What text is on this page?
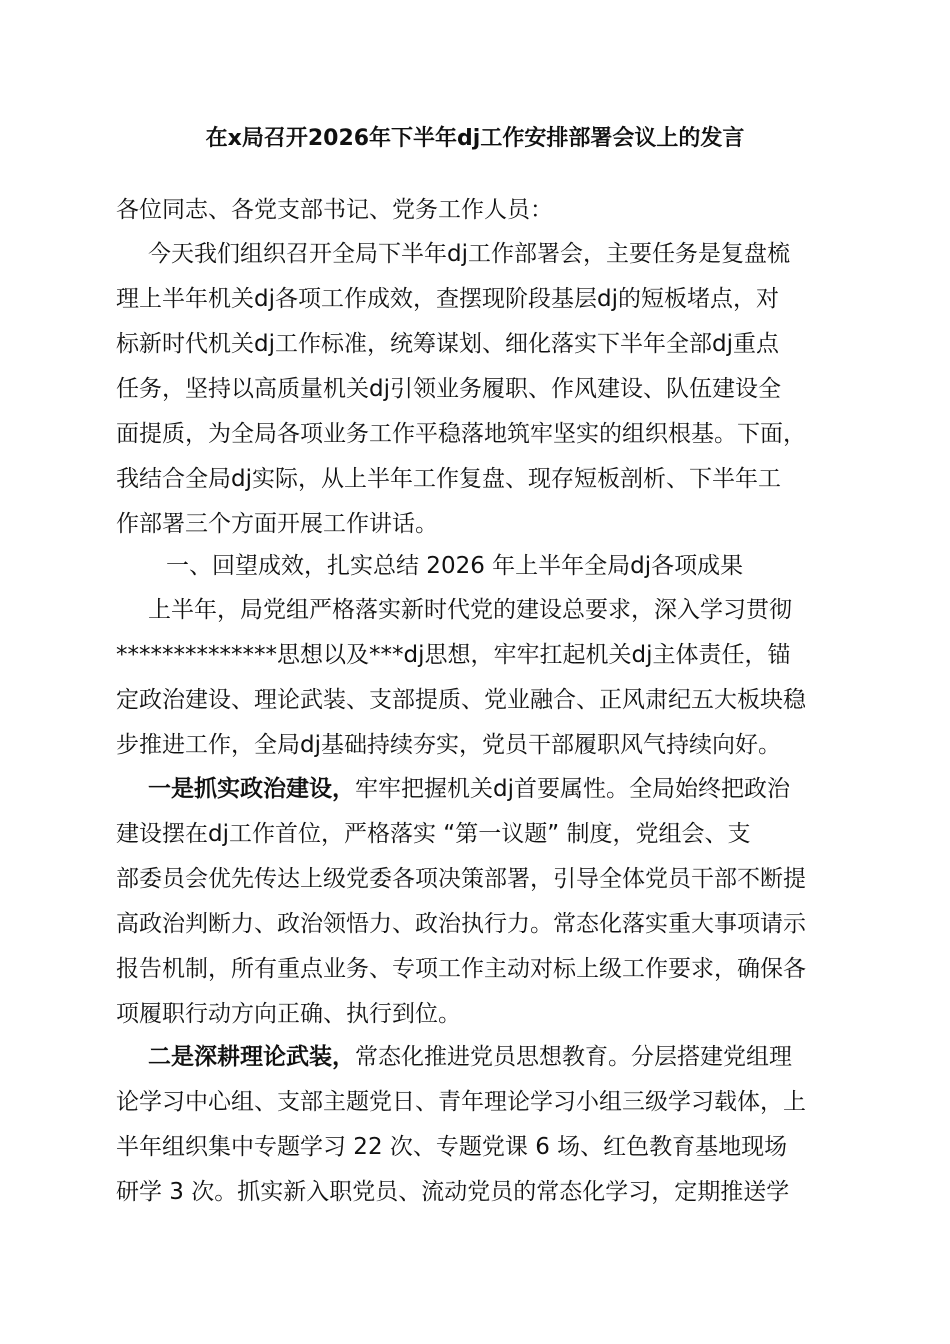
在x局召开2026年下半年dj工作安排部署会议上的发言
各位同志、各党支部书记、党务工作人员：
今天我们组织召开全局下半年dj工作部署会，主要任务是复盘梳
理上半年机关dj各项工作成效，查摆现阶段基层dj的短板堵点，对
标新时代机关dj工作标准，统筹谋划、细化落实下半年全部dj重点
任务，坚持以高质量机关dj引领业务履职、作风建设、队伍建设全
面提质，为全局各项业务工作平稳落地筑牢坚实的组织根基。下面，
我结合全局dj实际，从上半年工作复盘、现存短板剖析、下半年工
作部署三个方面开展工作讲话。
一、回望成效，扎实总结 2026 年上半年全局dj各项成果
上半年，局党组严格落实新时代党的建设总要求，深入学习贯彻
**************思想以及***dj思想，牢牢扛起机关dj主体责任，锚
定政治建设、理论武装、支部提质、党业融合、正风肃纪五大板块稳
步推进工作，全局dj基础持续夯实，党员干部履职风气持续向好。
一是抓实政治建设，牢牢把握机关dj首要属性。全局始终把政治
建设摆在dj工作首位，严格落实 “第一议题” 制度，党组会、支
部委员会优先传达上级党委各项决策部署，引导全体党员干部不断提
高政治判断力、政治领悟力、政治执行力。常态化落实重大事项请示
报告机制，所有重点业务、专项工作主动对标上级工作要求，确保各
项履职行动方向正确、执行到位。
二是深耕理论武装，常态化推进党员思想教育。分层搭建党组理
论学习中心组、支部主题党日、青年理论学习小组三级学习载体，上
半年组织集中专题学习 22 次、专题党课 6 场、红色教育基地现场
研学 3 次。抓实新入职党员、流动党员的常态化学习，定期推送学
